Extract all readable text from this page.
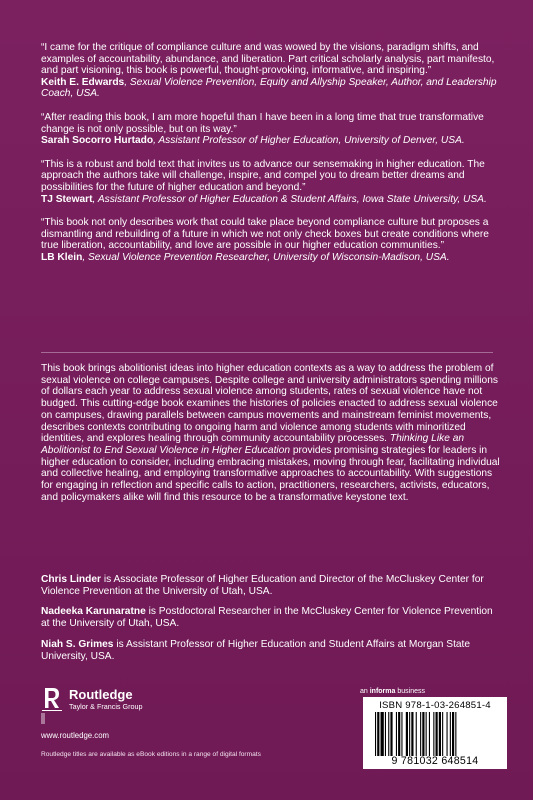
“I came for the critique of compliance culture and was wowed by the visions, paradigm shifts, and examples of accountability, abundance, and liberation. Part critical scholarly analysis, part manifesto, and part visioning, this book is powerful, thought-provoking, informative, and inspiring.”

Keith E. Edwards, Sexual Violence Prevention, Equity and Allyship Speaker, Author, and Leadership Coach, USA.

“After reading this book, I am more hopeful than I have been in a long time that true transformative change is not only possible, but on its way.”

Sarah Socorro Hurtado, Assistant Professor of Higher Education, University of Denver, USA.

“This is a robust and bold text that invites us to advance our sensemaking in higher education. The approach the authors take will challenge, inspire, and compel you to dream better dreams and possibilities for the future of higher education and beyond.”

TJ Stewart, Assistant Professor of Higher Education & Student Affairs, Iowa State University, USA.

“This book not only describes work that could take place beyond compliance culture but proposes a dismantling and rebuilding of a future in which we not only check boxes but create conditions where true liberation, accountability, and love are possible in our higher education communities.”

LB Klein, Sexual Violence Prevention Researcher, University of Wisconsin-Madison, USA.

This book brings abolitionist ideas into higher education contexts as a way to address the problem of sexual violence on college campuses. Despite college and university administrators spending millions of dollars each year to address sexual violence among students, rates of sexual violence have not budged. This cutting-edge book examines the histories of policies enacted to address sexual violence on campuses, drawing parallels between campus movements and mainstream feminist movements, describes contexts contributing to ongoing harm and violence among students with minoritized identities, and explores healing through community accountability processes. Thinking Like an Abolitionist to End Sexual Violence in Higher Education provides promising strategies for leaders in higher education to consider, including embracing mistakes, moving through fear, facilitating individual and collective healing, and employing transformative approaches to accountability. With suggestions for engaging in reflection and specific calls to action, practitioners, researchers, activists, educators, and policymakers alike will find this resource to be a transformative keystone text.

Chris Linder is Associate Professor of Higher Education and Director of the McCluskey Center for Violence Prevention at the University of Utah, USA.

Nadeeka Karunaratne is Postdoctoral Researcher in the McCluskey Center for Violence Prevention at the University of Utah, USA.

Niah S. Grimes is Assistant Professor of Higher Education and Student Affairs at Morgan State University, USA.

Routledge
Taylor & Francis Group
www.routledge.com
Routledge titles are available as eBook editions in a range of digital formats
an informa business
ISBN 978-1-03-264851-4
9 781032 648514
